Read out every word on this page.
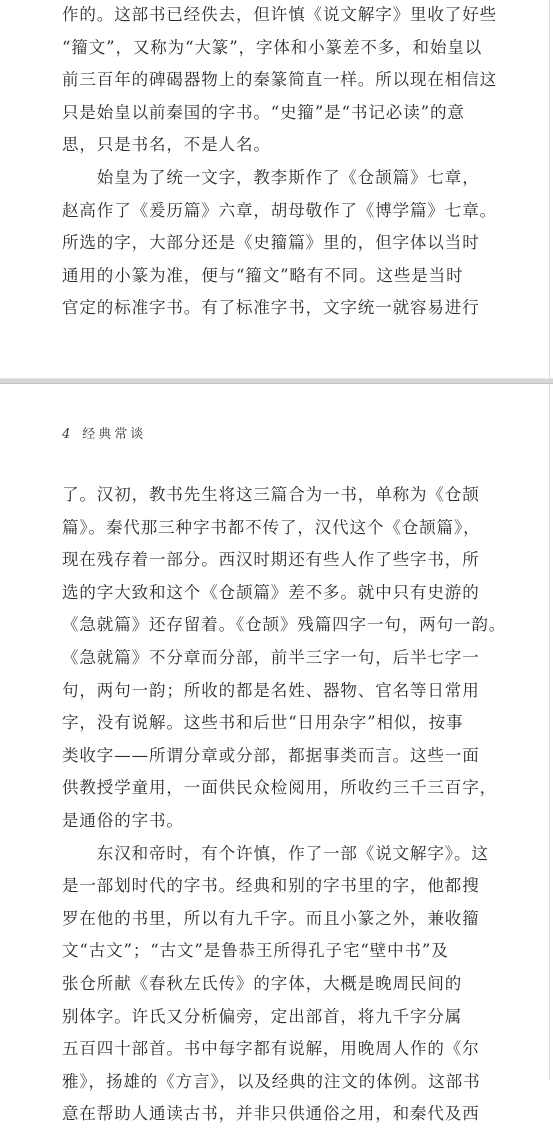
作的。这部书已经佚去，但许慎《说文解字》里收了好些
“籀文”，又称为“大篆”，字体和小篆差不多，和始皇以
前三百年的碑碣器物上的秦篆简直一样。所以现在相信这
只是始皇以前秦国的字书。“史籀”是“书记必读”的意
思，只是书名，不是人名。

　　始皇为了统一文字，教李斯作了《仓颉篇》七章，
赵高作了《爰历篇》六章，胡母敬作了《博学篇》七章。
所选的字，大部分还是《史籀篇》里的，但字体以当时
通用的小篆为准，便与“籀文”略有不同。这些是当时
官定的标准字书。有了标准字书，文字统一就容易进行

4 经典常谈

了。汉初，教书先生将这三篇合为一书，单称为《仓颉
篇》。秦代那三种字书都不传了，汉代这个《仓颉篇》，
现在残存着一部分。西汉时期还有些人作了些字书，所
选的字大致和这个《仓颉篇》差不多。就中只有史游的
《急就篇》还存留着。《仓颉》残篇四字一句，两句一韵。
《急就篇》不分章而分部，前半三字一句，后半七字一
句，两句一韵；所收的都是名姓、器物、官名等日常用
字，没有说解。这些书和后世“日用杂字”相似，按事
类收字——所谓分章或分部，都据事类而言。这些一面
供教授学童用，一面供民众检阅用，所收约三千三百字，
是通俗的字书。

　　东汉和帝时，有个许慎，作了一部《说文解字》。这
是一部划时代的字书。经典和别的字书里的字，他都搜
罗在他的书里，所以有九千字。而且小篆之外，兼收籀
文“古文”；“古文”是鲁恭王所得孔子宅“壁中书”及
张仓所献《春秋左氏传》的字体，大概是晚周民间的
别体字。许氏又分析偏旁，定出部首，将九千字分属
五百四十部首。书中每字都有说解，用晚周人作的《尔
雅》，扬雄的《方言》，以及经典的注文的体例。这部书
意在帮助人通读古书，并非只供通俗之用，和秦代及西
